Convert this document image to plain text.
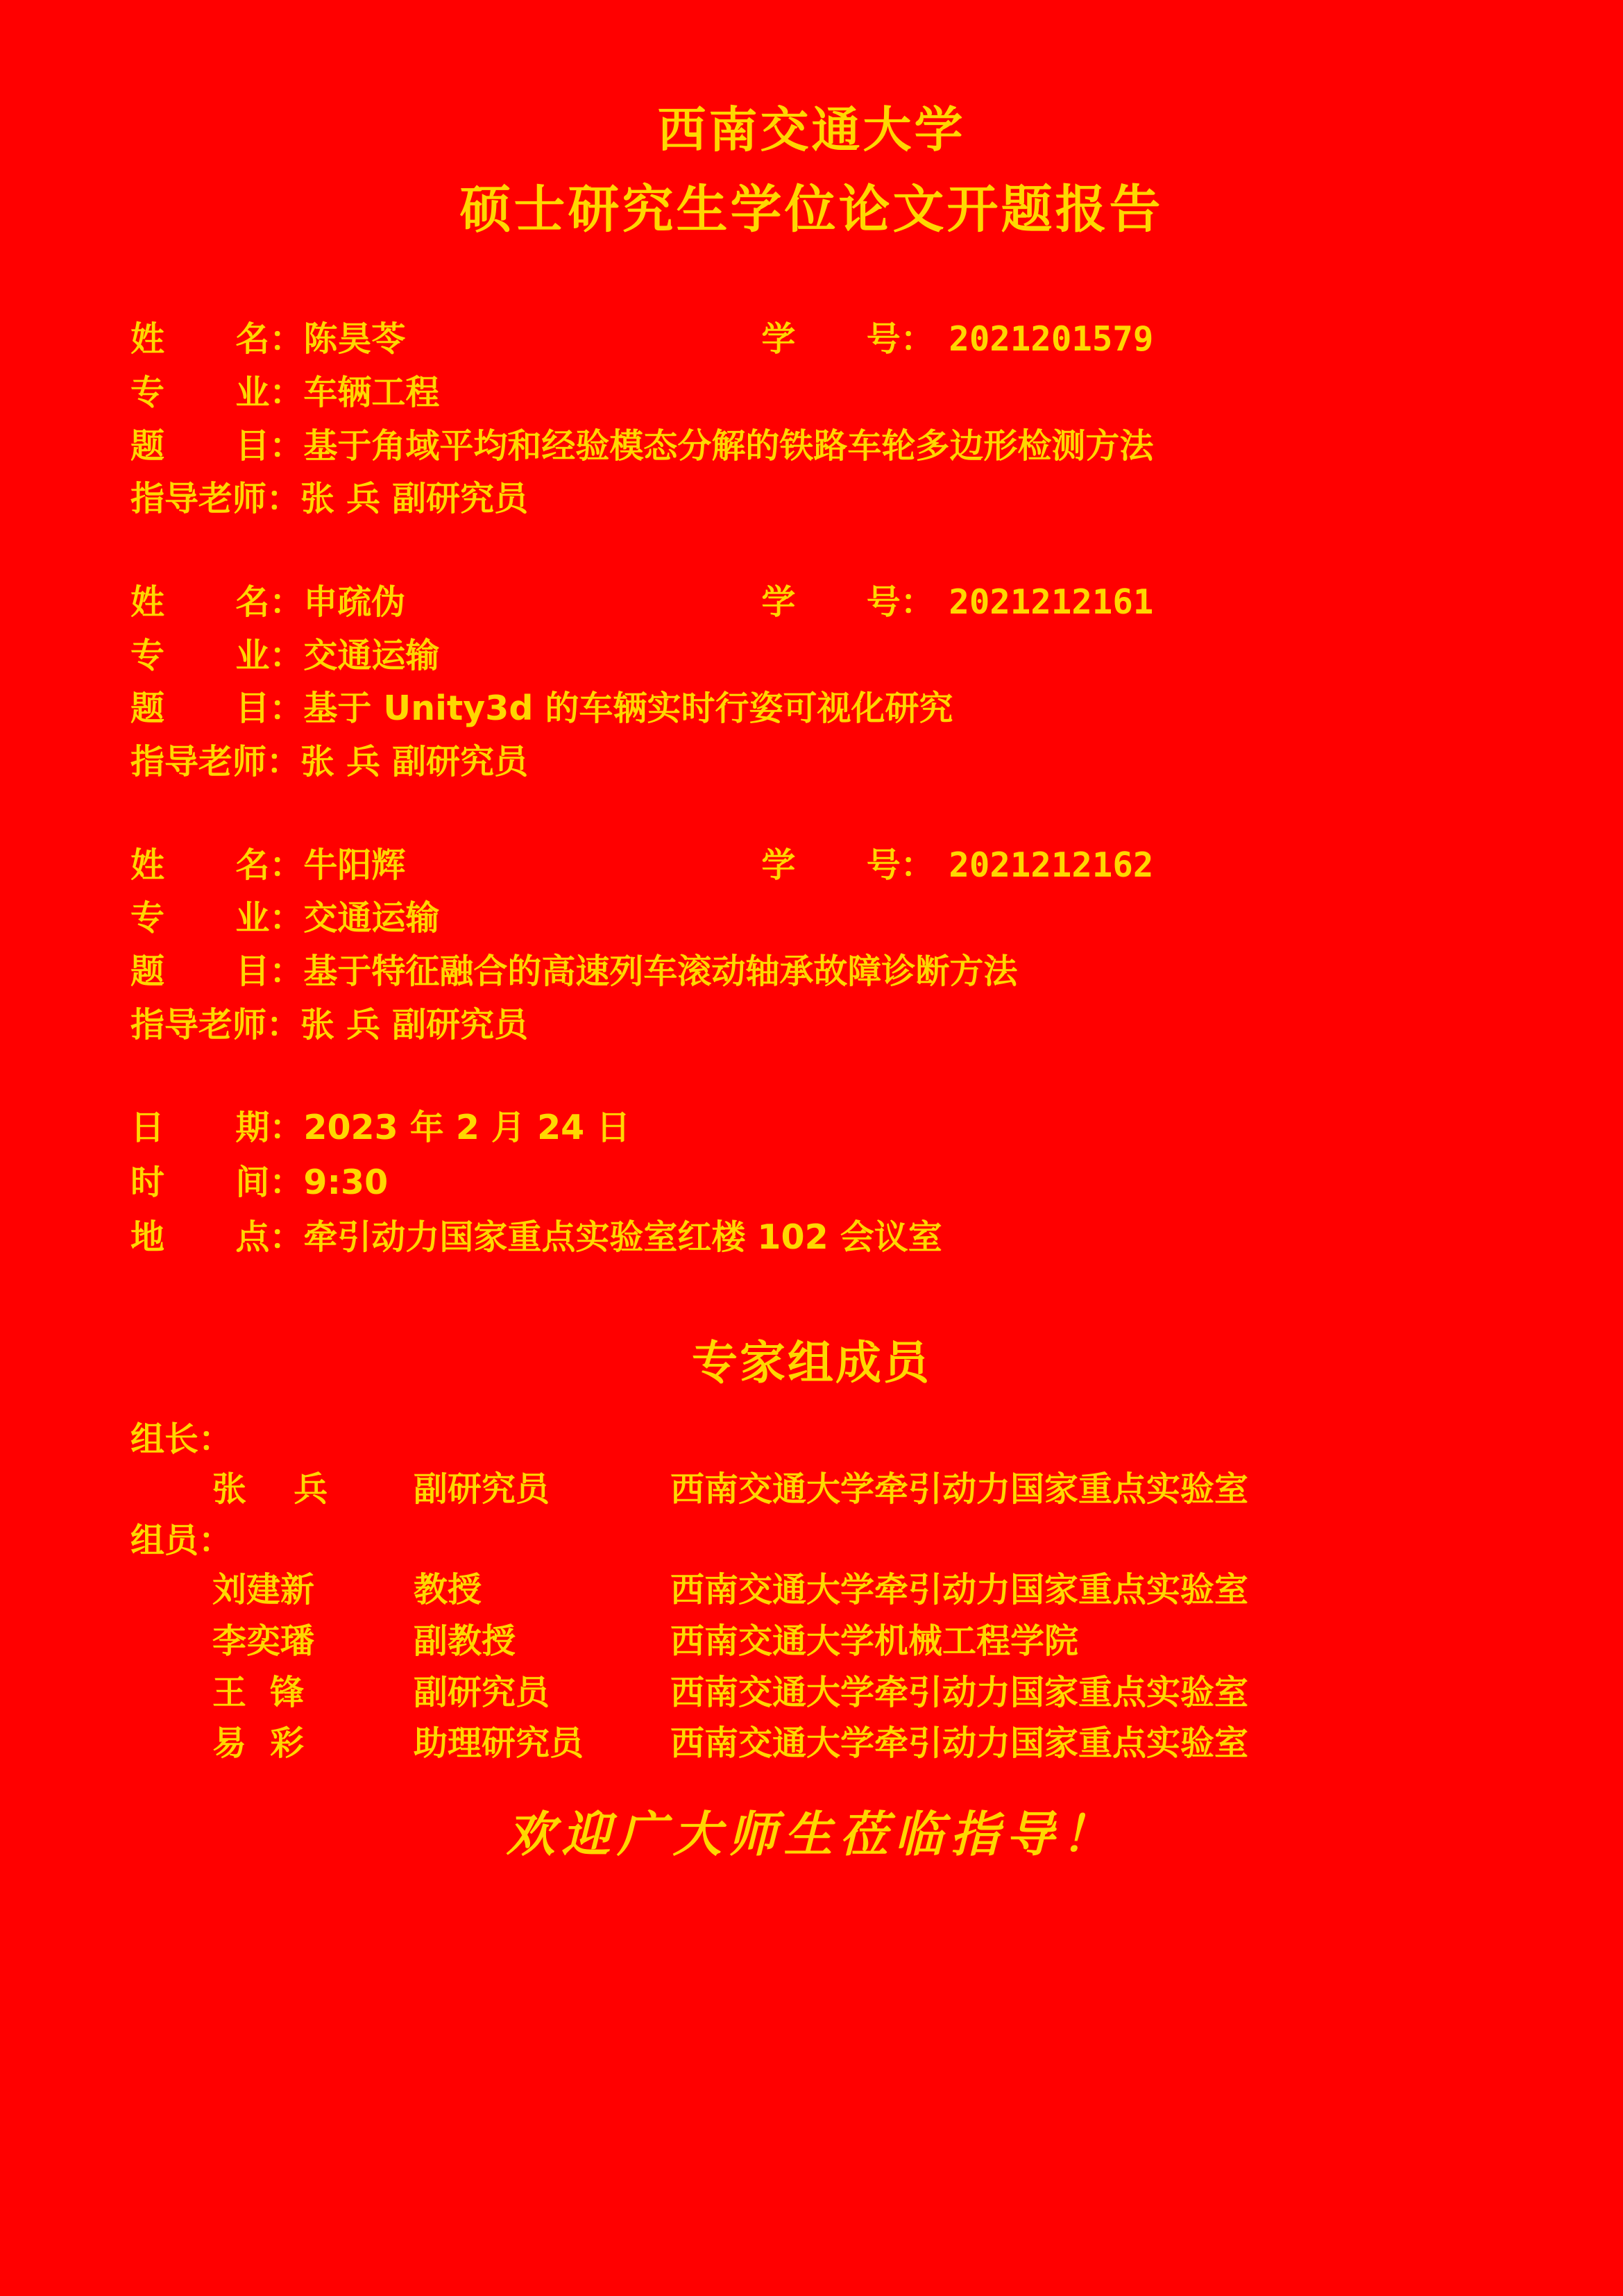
西南交通大学
硕士研究生学位论文开题报告
姓      名： 陈昊苓	学      号： 2021201579
专      业： 车辆工程
题      目： 基于角域平均和经验模态分解的铁路车轮多边形检测方法
指导老师： 张 兵 副研究员
姓      名： 申疏伪	学      号： 2021212161
专      业： 交通运输
题      目： 基于 Unity3d 的车辆实时行姿可视化研究
指导老师： 张 兵 副研究员
姓      名： 牛阳辉	学      号： 2021212162
专      业： 交通运输
题      目： 基于特征融合的高速列车滚动轴承故障诊断方法
指导老师： 张 兵 副研究员
日      期： 2023 年 2 月 24 日
时      间： 9:30
地      点： 牵引动力国家重点实验室红楼 102 会议室
专家组成员
组长：
张    兵	副研究员	西南交通大学牵引动力国家重点实验室
组员：
刘建新	教授	西南交通大学牵引动力国家重点实验室
李奕璠	副教授	西南交通大学机械工程学院
王  锋	副研究员	西南交通大学牵引动力国家重点实验室
易  彩	助理研究员	西南交通大学牵引动力国家重点实验室
欢迎广大师生莅临指导！
